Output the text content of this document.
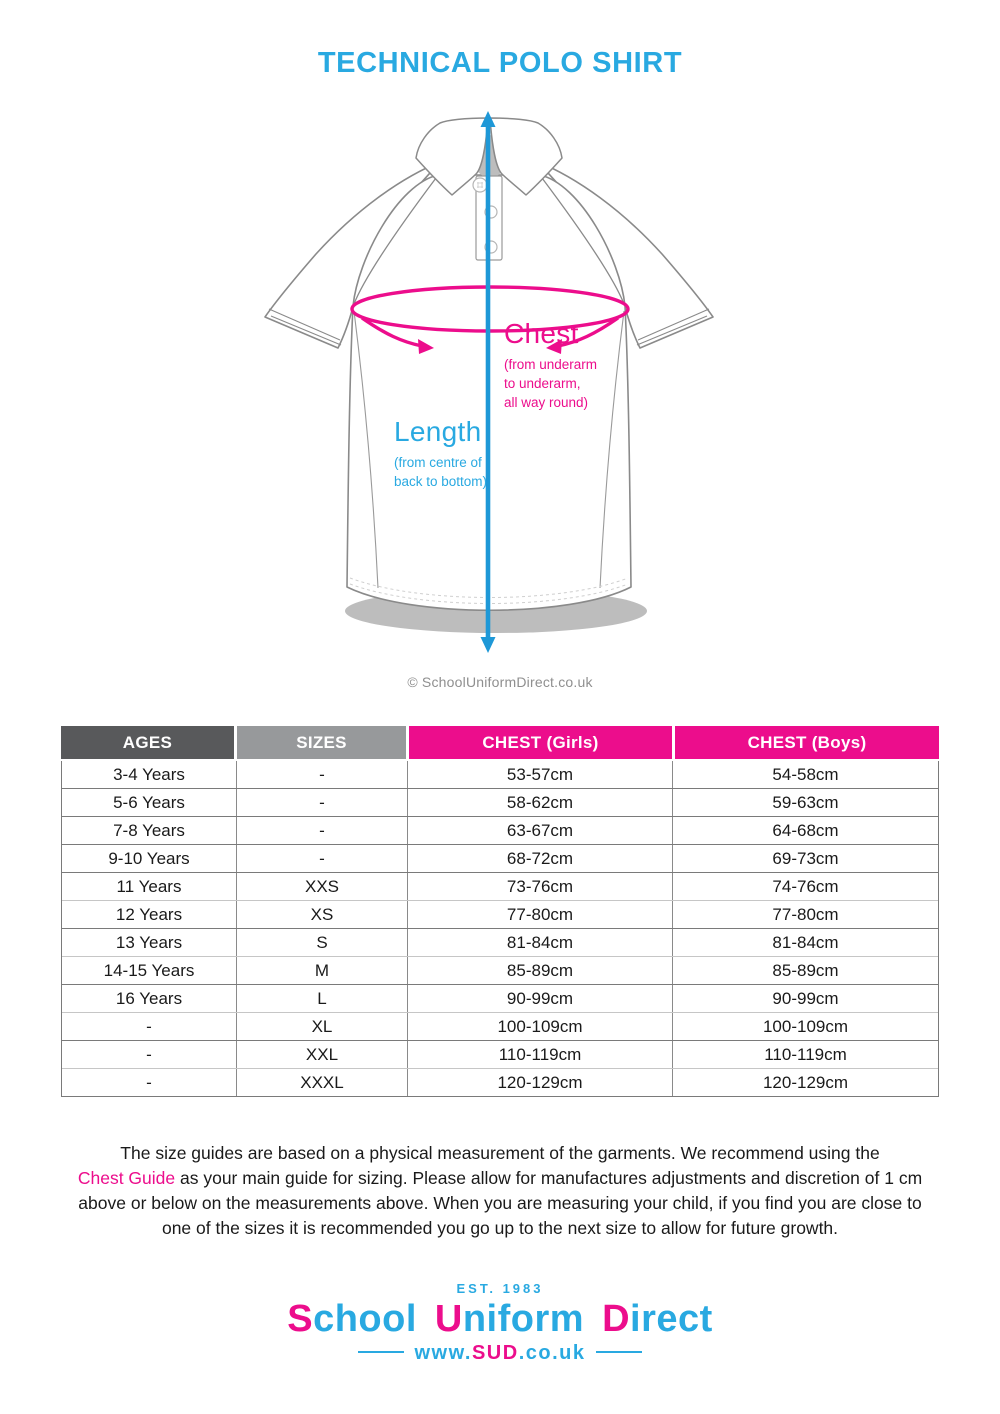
TECHNICAL POLO SHIRT
Chest
(from underarm
to underarm,
all way round)
Length
(from centre of
back to bottom)
© SchoolUniformDirect.co.uk
AGES	SIZES	CHEST (Girls)	CHEST (Boys)
3-4 Years	-	53-57cm	54-58cm
5-6 Years	-	58-62cm	59-63cm
7-8 Years	-	63-67cm	64-68cm
9-10 Years	-	68-72cm	69-73cm
11 Years	XXS	73-76cm	74-76cm
12 Years	XS	77-80cm	77-80cm
13 Years	S	81-84cm	81-84cm
14-15 Years	M	85-89cm	85-89cm
16 Years	L	90-99cm	90-99cm
-	XL	100-109cm	100-109cm
-	XXL	110-119cm	110-119cm
-	XXXL	120-129cm	120-129cm
The size guides are based on a physical measurement of the garments. We recommend using the
Chest Guide as your main guide for sizing. Please allow for manufactures adjustments and discretion of 1 cm
above or below on the measurements above. When you are measuring your child, if you find you are close to
one of the sizes it is recommended you go up to the next size to allow for future growth.
EST. 1983
School Uniform Direct
www.SUD.co.uk
